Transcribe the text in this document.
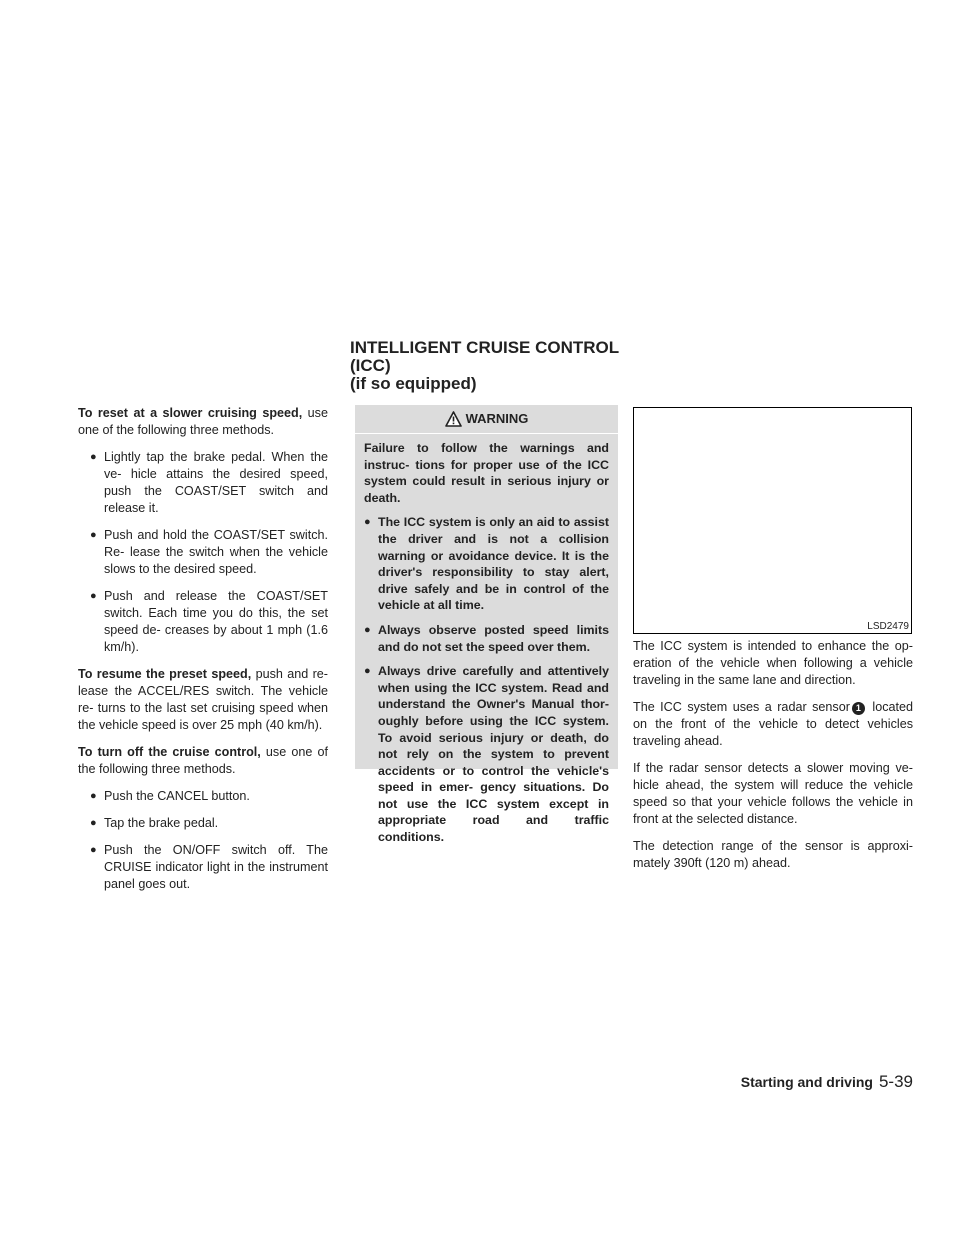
INTELLIGENT CRUISE CONTROL (ICC)
(if so equipped)

To reset at a slower cruising speed, use one of the following three methods.

● Lightly tap the brake pedal. When the ve- hicle attains the desired speed, push the COAST/SET switch and release it.
● Push and hold the COAST/SET switch. Re- lease the switch when the vehicle slows to the desired speed.
● Push and release the COAST/SET switch. Each time you do this, the set speed de- creases by about 1 mph (1.6 km/h).

To resume the preset speed, push and re- lease the ACCEL/RES switch. The vehicle re- turns to the last set cruising speed when the vehicle speed is over 25 mph (40 km/h).

To turn off the cruise control, use one of the following three methods.

● Push the CANCEL button.
● Tap the brake pedal.
● Push the ON/OFF switch off. The CRUISE indicator light in the instrument panel goes out.
WARNING

Failure to follow the warnings and instruc- tions for proper use of the ICC system could result in serious injury or death.

● The ICC system is only an aid to assist the driver and is not a collision warning or avoidance device. It is the driver's responsibility to stay alert, drive safely and be in control of the vehicle at all time.
● Always observe posted speed limits and do not set the speed over them.
● Always drive carefully and attentively when using the ICC system. Read and understand the Owner's Manual thor- oughly before using the ICC system. To avoid serious injury or death, do not rely on the system to prevent accidents or to control the vehicle's speed in emer- gency situations. Do not use the ICC system except in appropriate road and traffic conditions.
LSD2479

The ICC system is intended to enhance the op- eration of the vehicle when following a vehicle traveling in the same lane and direction.

The ICC system uses a radar sensor 1 located on the front of the vehicle to detect vehicles traveling ahead.

If the radar sensor detects a slower moving ve- hicle ahead, the system will reduce the vehicle speed so that your vehicle follows the vehicle in front at the selected distance.

The detection range of the sensor is approxi- mately 390ft (120 m) ahead.

Starting and driving 5-39
